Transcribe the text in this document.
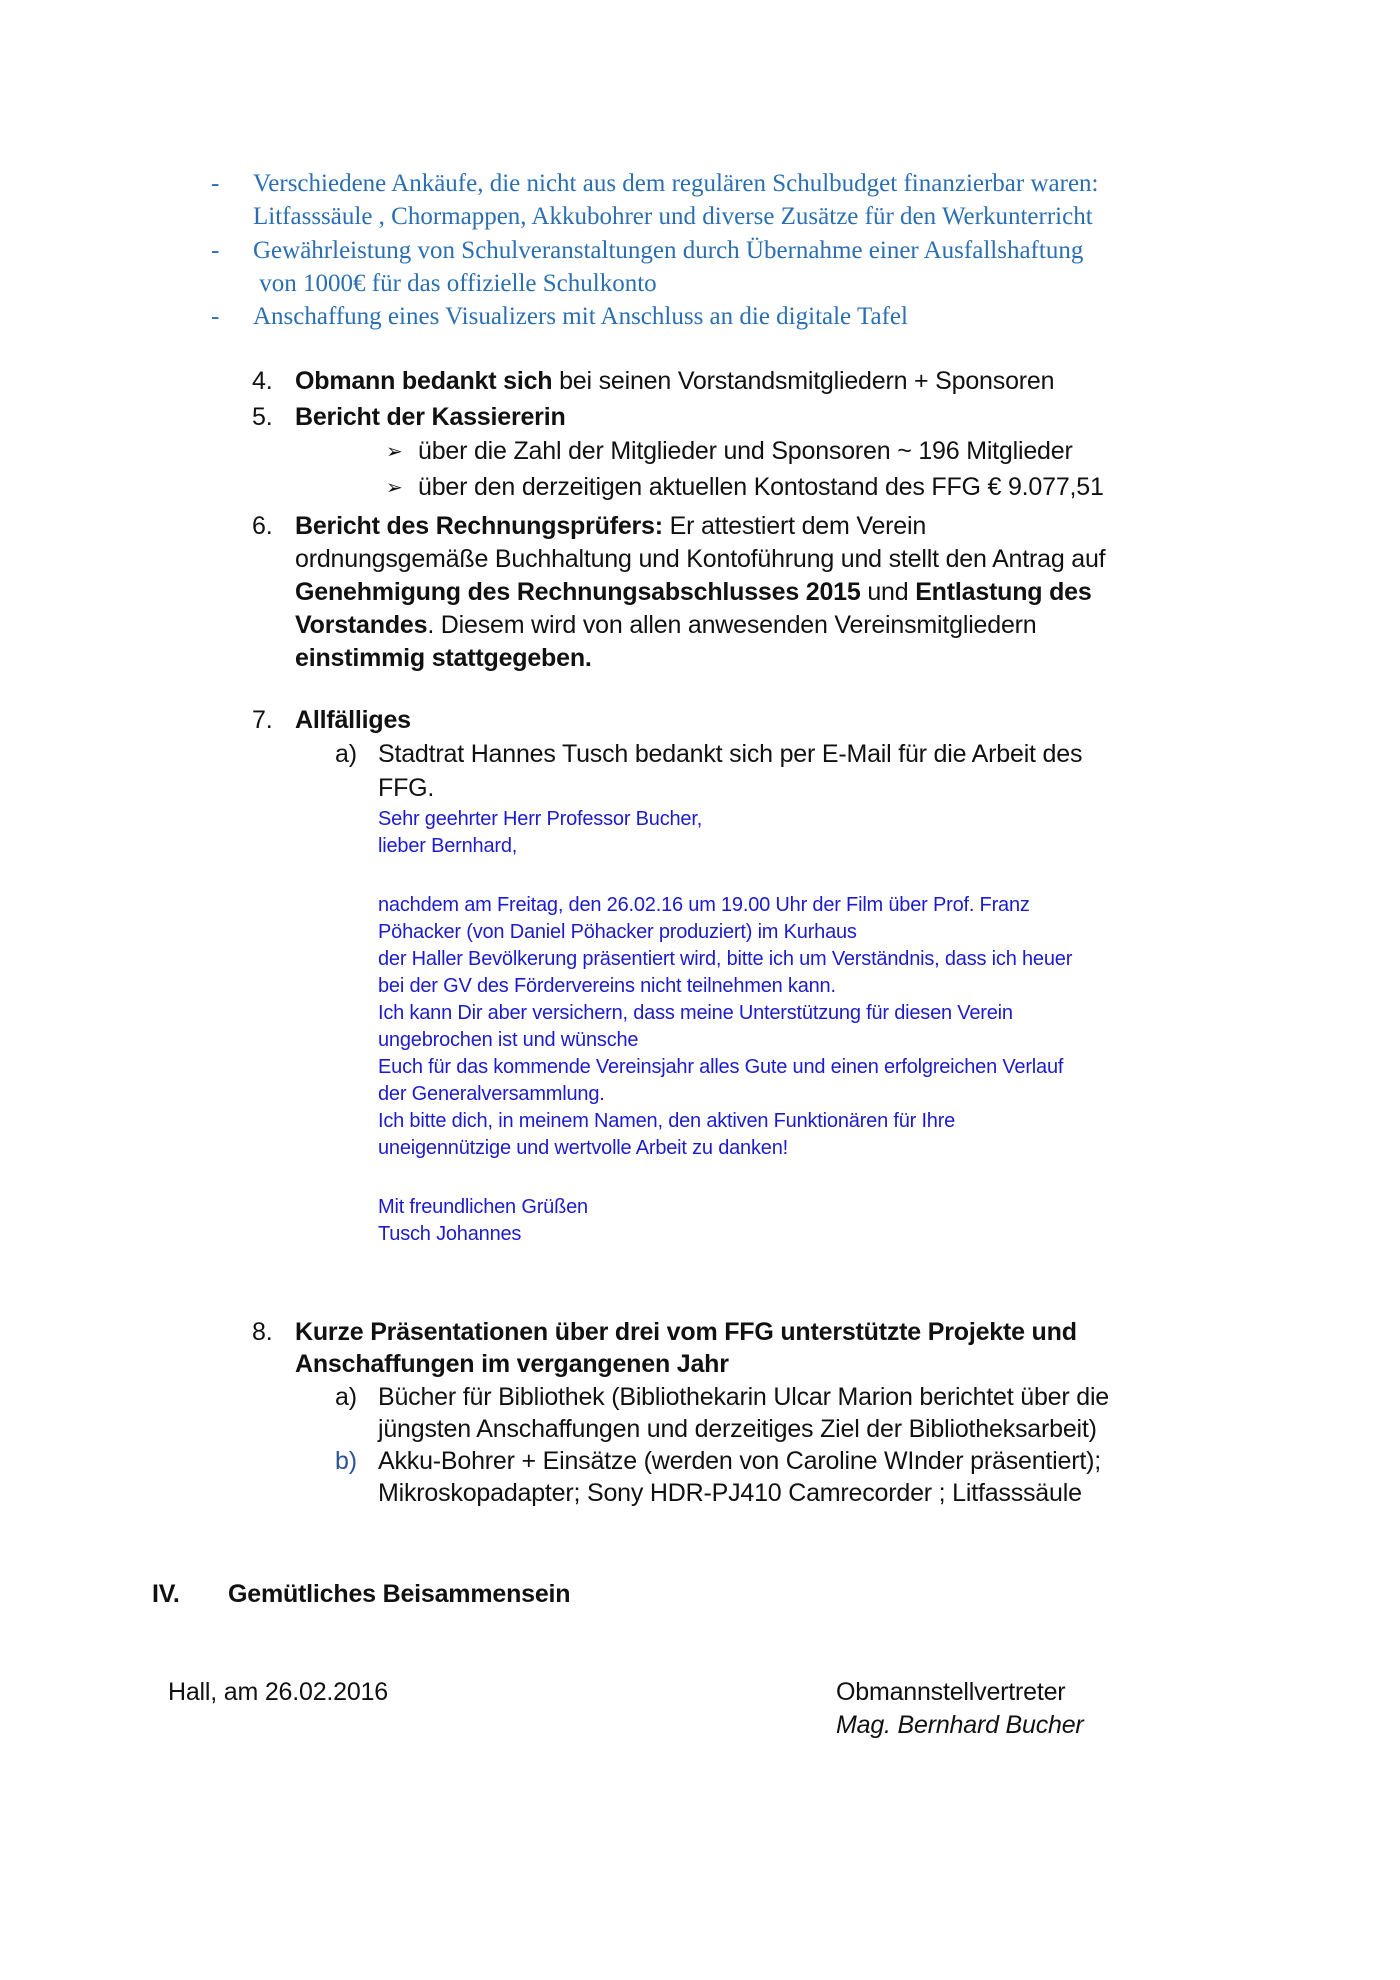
- Verschiedene Ankäufe, die nicht aus dem regulären Schulbudget finanzierbar waren:
Litfasssäule , Chormappen, Akkubohrer und diverse Zusätze für den Werkunterricht
- Gewährleistung von Schulveranstaltungen durch Übernahme einer Ausfallshaftung
von 1000€ für das offizielle Schulkonto
- Anschaffung eines Visualizers mit Anschluss an die digitale Tafel
4. Obmann bedankt sich bei seinen Vorstandsmitgliedern + Sponsoren
5. Bericht der Kassiererin
➢ über die Zahl der Mitglieder und Sponsoren ~ 196 Mitglieder
➢ über den derzeitigen aktuellen Kontostand des FFG € 9.077,51
6. Bericht des Rechnungsprüfers: Er attestiert dem Verein
ordnungsgemäße Buchhaltung und Kontoführung und stellt den Antrag auf
Genehmigung des Rechnungsabschlusses 2015 und Entlastung des
Vorstandes. Diesem wird von allen anwesenden Vereinsmitgliedern
einstimmig stattgegeben.
7. Allfälliges
a) Stadtrat Hannes Tusch bedankt sich per E-Mail für die Arbeit des
FFG.
Sehr geehrter Herr Professor Bucher,
lieber Bernhard,
nachdem am Freitag, den 26.02.16 um 19.00 Uhr der Film über Prof. Franz
Pöhacker (von Daniel Pöhacker produziert) im Kurhaus
der Haller Bevölkerung präsentiert wird, bitte ich um Verständnis, dass ich heuer
bei der GV des Fördervereins nicht teilnehmen kann.
Ich kann Dir aber versichern, dass meine Unterstützung für diesen Verein
ungebrochen ist und wünsche
Euch für das kommende Vereinsjahr alles Gute und einen erfolgreichen Verlauf
der Generalversammlung.
Ich bitte dich, in meinem Namen, den aktiven Funktionären für Ihre
uneigennützige und wertvolle Arbeit zu danken!
Mit freundlichen Grüßen
Tusch Johannes
8. Kurze Präsentationen über drei vom FFG unterstützte Projekte und
Anschaffungen im vergangenen Jahr
a) Bücher für Bibliothek (Bibliothekarin Ulcar Marion berichtet über die
jüngsten Anschaffungen und derzeitiges Ziel der Bibliotheksarbeit)
b) Akku-Bohrer + Einsätze (werden von Caroline WInder präsentiert);
Mikroskopadapter; Sony HDR-PJ410 Camrecorder ; Litfasssäule
IV. Gemütliches Beisammensein
Hall, am 26.02.2016	Obmannstellvertreter
Mag. Bernhard Bucher
